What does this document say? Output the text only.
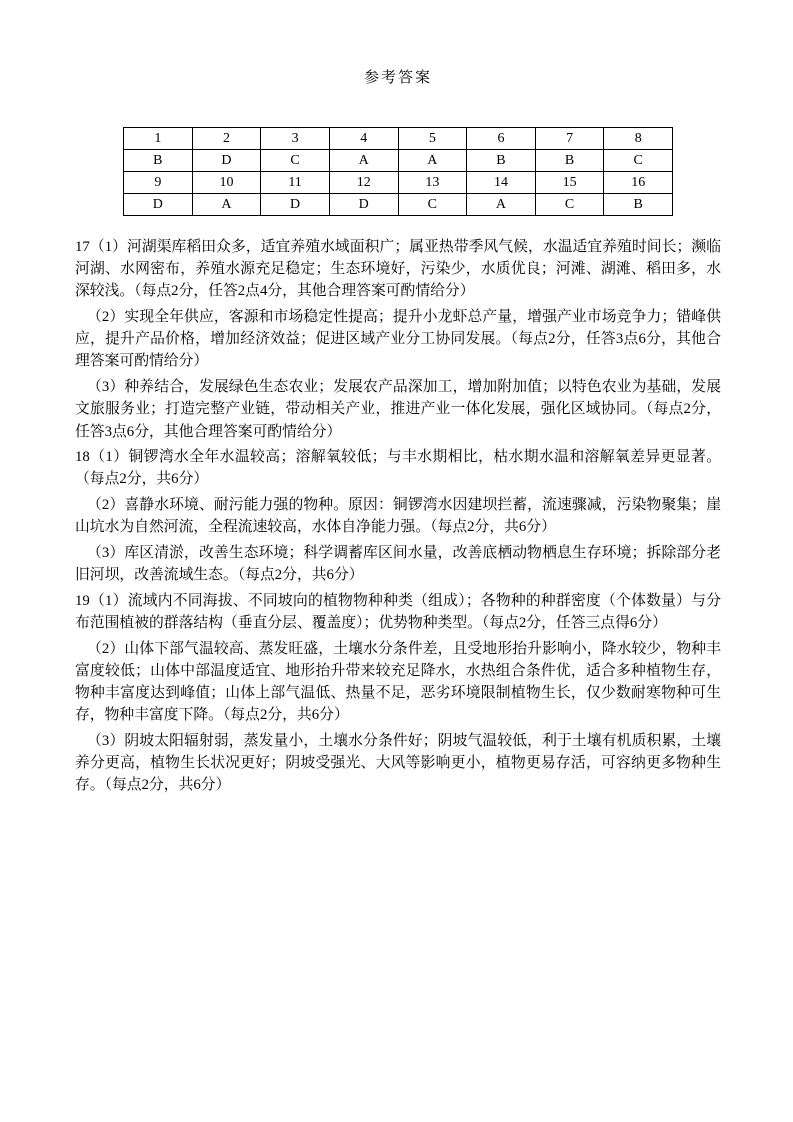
参考答案
1	2	3	4	5	6	7	8
B	D	C	A	A	B	B	C
9	10	11	12	13	14	15	16
D	A	D	D	C	A	C	B

17（1）河湖渠库稻田众多，适宜养殖水域面积广；属亚热带季风气候，水温适宜养殖时间长；濒临河湖、水网密布，养殖水源充足稳定；生态环境好，污染少，水质优良；河滩、湖滩、稻田多，水深较浅。（每点2分，任答2点4分，其他合理答案可酌情给分）

（2）实现全年供应，客源和市场稳定性提高；提升小龙虾总产量，增强产业市场竞争力；错峰供应，提升产品价格，增加经济效益；促进区域产业分工协同发展。（每点2分，任答3点6分，其他合理答案可酌情给分）

（3）种养结合，发展绿色生态农业；发展农产品深加工，增加附加值；以特色农业为基础，发展文旅服务业；打造完整产业链，带动相关产业，推进产业一体化发展，强化区域协同。（每点2分，任答3点6分，其他合理答案可酌情给分）

18（1）铜锣湾水全年水温较高；溶解氧较低；与丰水期相比，枯水期水温和溶解氧差异更显著。（每点2分，共6分）

（2）喜静水环境、耐污能力强的物种。原因：铜锣湾水因建坝拦蓄，流速骤减，污染物聚集；崖山坑水为自然河流，全程流速较高，水体自净能力强。（每点2分，共6分）

（3）库区清淤，改善生态环境；科学调蓄库区间水量，改善底栖动物栖息生存环境；拆除部分老旧河坝，改善流域生态。（每点2分，共6分）

19（1）流域内不同海拔、不同坡向的植物物种种类（组成）；各物种的种群密度（个体数量）与分布范围植被的群落结构（垂直分层、覆盖度）；优势物种类型。（每点2分，任答三点得6分）

（2）山体下部气温较高、蒸发旺盛，土壤水分条件差，且受地形抬升影响小，降水较少，物种丰富度较低；山体中部温度适宜、地形抬升带来较充足降水，水热组合条件优，适合多种植物生存，物种丰富度达到峰值；山体上部气温低、热量不足，恶劣环境限制植物生长，仅少数耐寒物种可生存，物种丰富度下降。（每点2分，共6分）

（3）阴坡太阳辐射弱，蒸发量小，土壤水分条件好；阴坡气温较低，利于土壤有机质积累，土壤养分更高，植物生长状况更好；阴坡受强光、大风等影响更小，植物更易存活，可容纳更多物种生存。（每点2分，共6分）
